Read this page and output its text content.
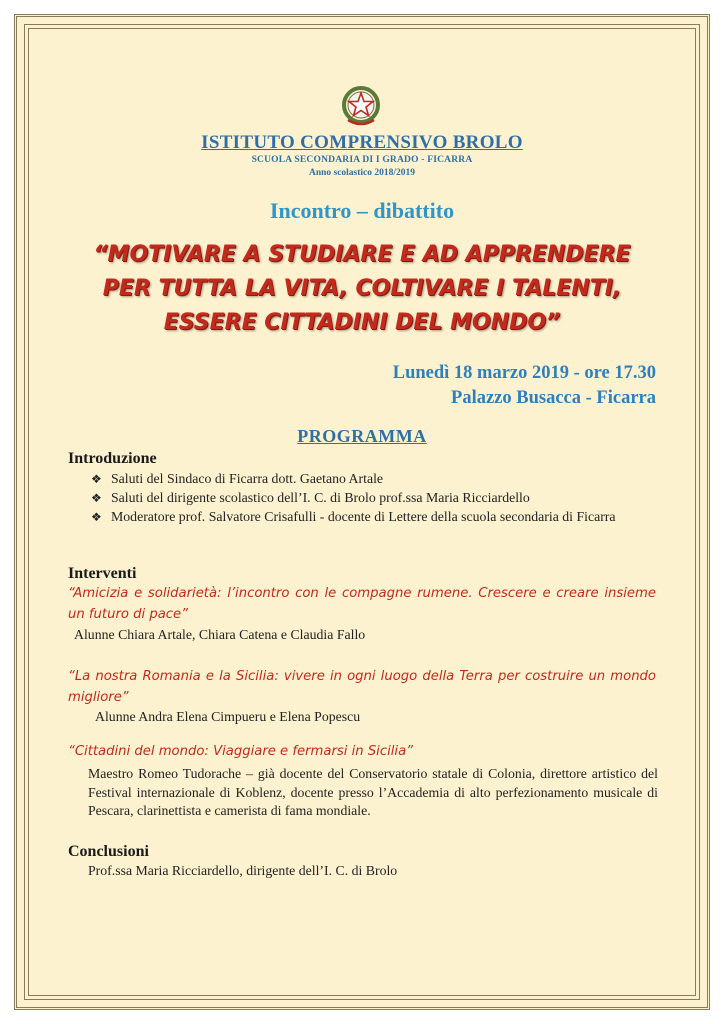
ISTITUTO COMPRENSIVO BROLO
SCUOLA SECONDARIA DI I GRADO - FICARRA
Anno scolastico 2018/2019
Incontro – dibattito
“MOTIVARE A STUDIARE E AD APPRENDERE
PER TUTTA LA VITA, COLTIVARE I TALENTI,
ESSERE CITTADINI DEL MONDO”
Lunedì 18 marzo 2019 - ore 17.30
Palazzo Busacca - Ficarra
PROGRAMMA
Introduzione
❖ Saluti del Sindaco di Ficarra dott. Gaetano Artale
❖ Saluti del dirigente scolastico dell’I. C. di Brolo prof.ssa Maria Ricciardello
❖ Moderatore prof. Salvatore Crisafulli - docente di Lettere della scuola secondaria di Ficarra
Interventi
“Amicizia e solidarietà: l’incontro con le compagne rumene. Crescere e creare insieme un futuro di pace”
Alunne Chiara Artale, Chiara Catena e Claudia Fallo
“La nostra Romania e la Sicilia: vivere in ogni luogo della Terra per costruire un mondo migliore”
Alunne Andra Elena Cimpueru e Elena Popescu
“Cittadini del mondo: Viaggiare e fermarsi in Sicilia”
Maestro Romeo Tudorache – già docente del Conservatorio statale di Colonia, direttore artistico del Festival internazionale di Koblenz, docente presso l’Accademia di alto perfezionamento musicale di Pescara, clarinettista e camerista di fama mondiale.
Conclusioni
Prof.ssa Maria Ricciardello, dirigente dell’I. C. di Brolo
